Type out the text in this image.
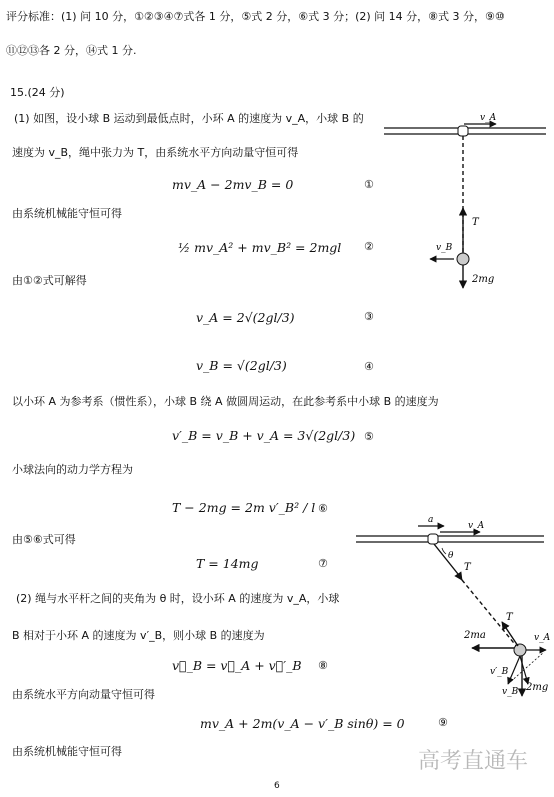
评分标准：(1) 问 10 分，①②③④⑦式各 1 分，⑤式 2 分，⑥式 3 分；(2) 问 14 分，⑧式 3 分，⑨⑩
⑪⑫⑬各 2 分，⑭式 1 分.
15.(24 分)
(1) 如图，设小球 B 运动到最低点时，小环 A 的速度为 v_A，小球 B 的
速度为 v_B，绳中张力为 T，由系统水平方向动量守恒可得
mv_A − 2mv_B = 0	①
由系统机械能守恒可得
½ mv_A² + mv_B² = 2mgl ②
由①②式可解得
v_A = 2√(2gl/3)	③
v_B = √(2gl/3)	④
以小环 A 为参考系（惯性系），小球 B 绕 A 做圆周运动，在此参考系中小球 B 的速度为
v′_B = v_B + v_A = 3√(2gl/3) ⑤
小球法向的动力学方程为
T − 2mg = 2m v′_B² / l ⑥
由⑤⑥式可得
T = 14mg	⑦
(2) 绳与水平杆之间的夹角为 θ 时，设小环 A 的速度为 v_A，小球
B 相对于小环 A 的速度为 v′_B，则小球 B 的速度为
v⃗_B = v⃗_A + v⃗′_B ⑧
由系统水平方向动量守恒可得
mv_A + 2m(v_A − v′_B sinθ) = 0	⑨
由系统机械能守恒可得
6
高考直通车
v_A
T
v_B
2mg
a
v_A
θ
T
T
2ma	v_A
v′_B
v_B 2mg
